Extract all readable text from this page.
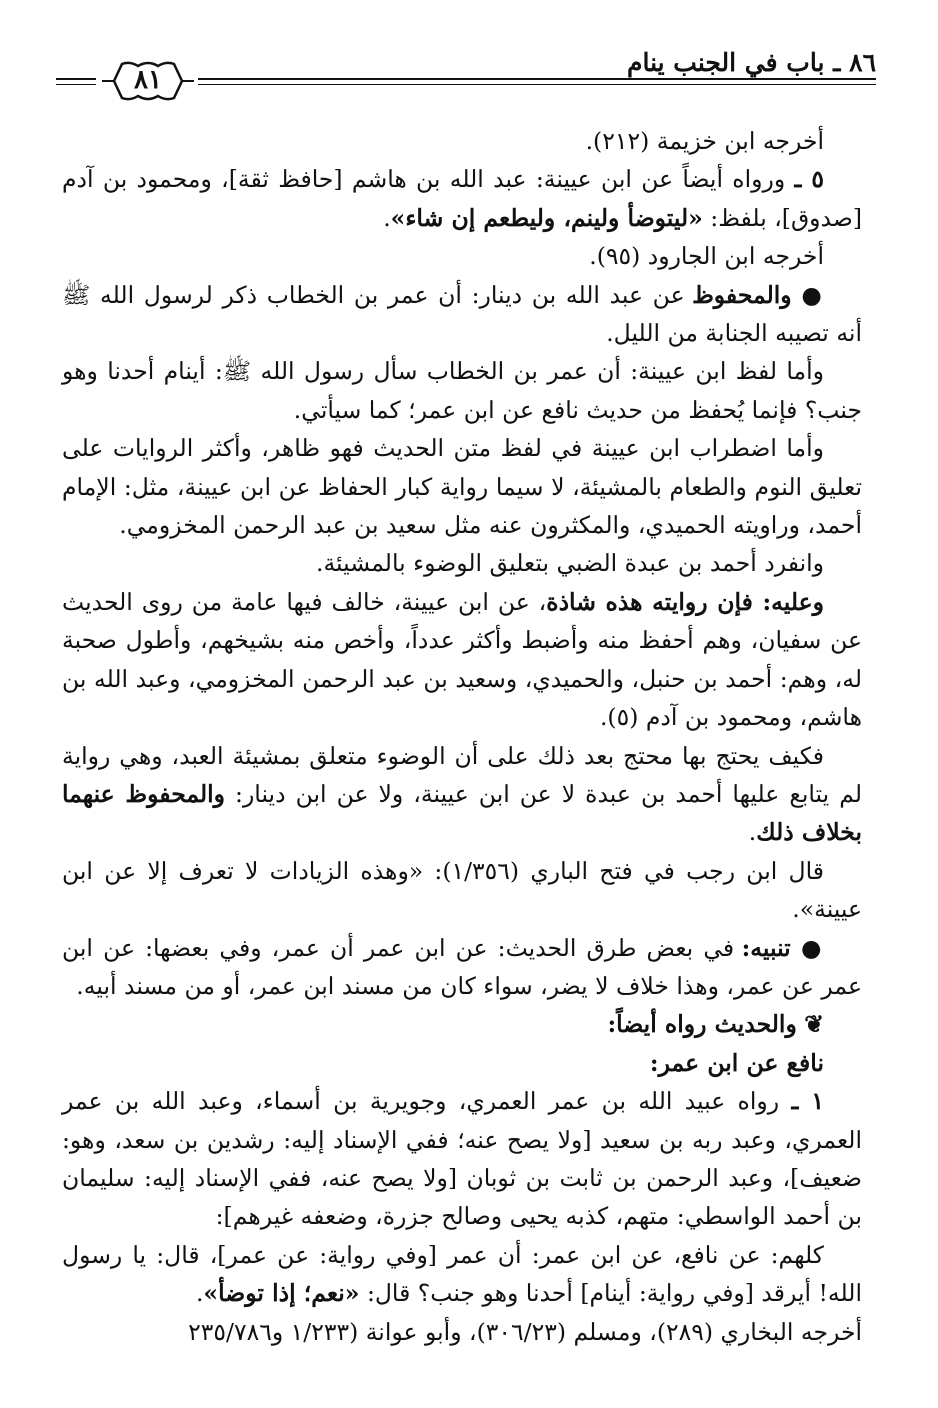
٨٦ ـ باب في الجنب ينام
٨١

أخرجه ابن خزيمة (٢١٢).

٥ ـ ورواه أيضاً عن ابن عيينة: عبد الله بن هاشم [حافظ ثقة]، ومحمود بن آدم [صدوق]، بلفظ: «ليتوضأ ولينم، وليطعم إن شاء».

أخرجه ابن الجارود (٩٥).

● والمحفوظ عن عبد الله بن دينار: أن عمر بن الخطاب ذكر لرسول الله ﷺ أنه تصيبه الجنابة من الليل.

وأما لفظ ابن عيينة: أن عمر بن الخطاب سأل رسول الله ﷺ: أينام أحدنا وهو جنب؟ فإنما يُحفظ من حديث نافع عن ابن عمر؛ كما سيأتي.

وأما اضطراب ابن عيينة في لفظ متن الحديث فهو ظاهر، وأكثر الروايات على تعليق النوم والطعام بالمشيئة، لا سيما رواية كبار الحفاظ عن ابن عيينة، مثل: الإمام أحمد، وراويته الحميدي، والمكثرون عنه مثل سعيد بن عبد الرحمن المخزومي.

وانفرد أحمد بن عبدة الضبي بتعليق الوضوء بالمشيئة.

وعليه: فإن روايته هذه شاذة، عن ابن عيينة، خالف فيها عامة من روى الحديث عن سفيان، وهم أحفظ منه وأضبط وأكثر عدداً، وأخص منه بشيخهم، وأطول صحبة له، وهم: أحمد بن حنبل، والحميدي، وسعيد بن عبد الرحمن المخزومي، وعبد الله بن هاشم، ومحمود بن آدم (٥).

فكيف يحتج بها محتج بعد ذلك على أن الوضوء متعلق بمشيئة العبد، وهي رواية لم يتابع عليها أحمد بن عبدة لا عن ابن عيينة، ولا عن ابن دينار: والمحفوظ عنهما بخلاف ذلك.

قال ابن رجب في فتح الباري (١/٣٥٦): «وهذه الزيادات لا تعرف إلا عن ابن عيينة».

● تنبيه: في بعض طرق الحديث: عن ابن عمر أن عمر، وفي بعضها: عن ابن عمر عن عمر، وهذا خلاف لا يضر، سواء كان من مسند ابن عمر، أو من مسند أبيه.

❦ والحديث رواه أيضاً:

نافع عن ابن عمر:

١ ـ رواه عبيد الله بن عمر العمري، وجويرية بن أسماء، وعبد الله بن عمر العمري، وعبد ربه بن سعيد [ولا يصح عنه؛ ففي الإسناد إليه: رشدين بن سعد، وهو: ضعيف]، وعبد الرحمن بن ثابت بن ثوبان [ولا يصح عنه، ففي الإسناد إليه: سليمان بن أحمد الواسطي: متهم، كذبه يحيى وصالح جزرة، وضعفه غيرهم]:

كلهم: عن نافع، عن ابن عمر: أن عمر [وفي رواية: عن عمر]، قال: يا رسول الله! أيرقد [وفي رواية: أينام] أحدنا وهو جنب؟ قال: «نعم؛ إذا توضأ».

أخرجه البخاري (٢٨٩)، ومسلم (٣٠٦/٢٣)، وأبو عوانة (١/٢٣٣ و٢٣٥/٧٨٦
